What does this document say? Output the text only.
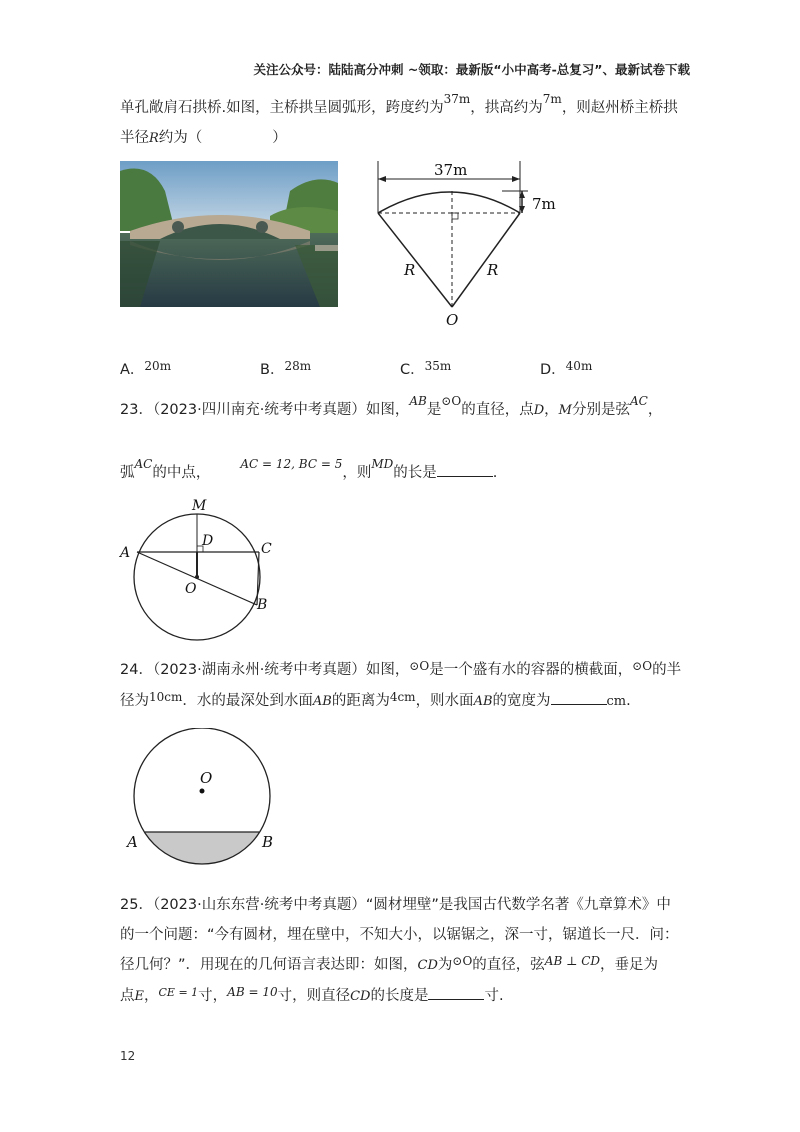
关注公众号：陆陆高分冲刺 ~领取：最新版“小中高考-总复习”、最新试卷下载
单孔敞肩石拱桥.如图，主桥拱呈圆弧形，跨度约为$^{37m}$，拱高约为$^{7m}$，则赵州桥主桥拱
半径R约为（	）
37m
7m
R	R
O
A．$^{20m}$	B．$^{28m}$	C．$^{35m}$	D．$^{40m}$
23．（2023·四川南充·统考中考真题）如图，$^{AB}$是$^{⊙O}$的直径，点D，M分别是弦$^{AC}$，
弧$^{AC}$的中点，$^{AC = 12, BC = 5}$，则$^{MD}$的长是	.
M
D
A	C
O
B
24．（2023·湖南永州·统考中考真题）如图，$^{⊙O}$是一个盛有水的容器的横截面，$^{⊙O}$的半
径为$^{10cm}$．水的最深处到水面AB的距离为$^{4cm}$，则水面AB的宽度为	cm.
O
A	B
25．（2023·山东东营·统考中考真题）“圆材埋壁”是我国古代数学名著《九章算术》中
的一个问题：“今有圆材，埋在壁中，不知大小，以锯锯之，深一寸，锯道长一尺．问：
径几何？”．用现在的几何语言表达即：如图，CD为$^{⊙O}$的直径，弦$^{AB \perp CD}$，垂足为
点E，$^{CE = 1}$寸，$^{AB = 10}$寸，则直径CD的长度是	寸.
12
